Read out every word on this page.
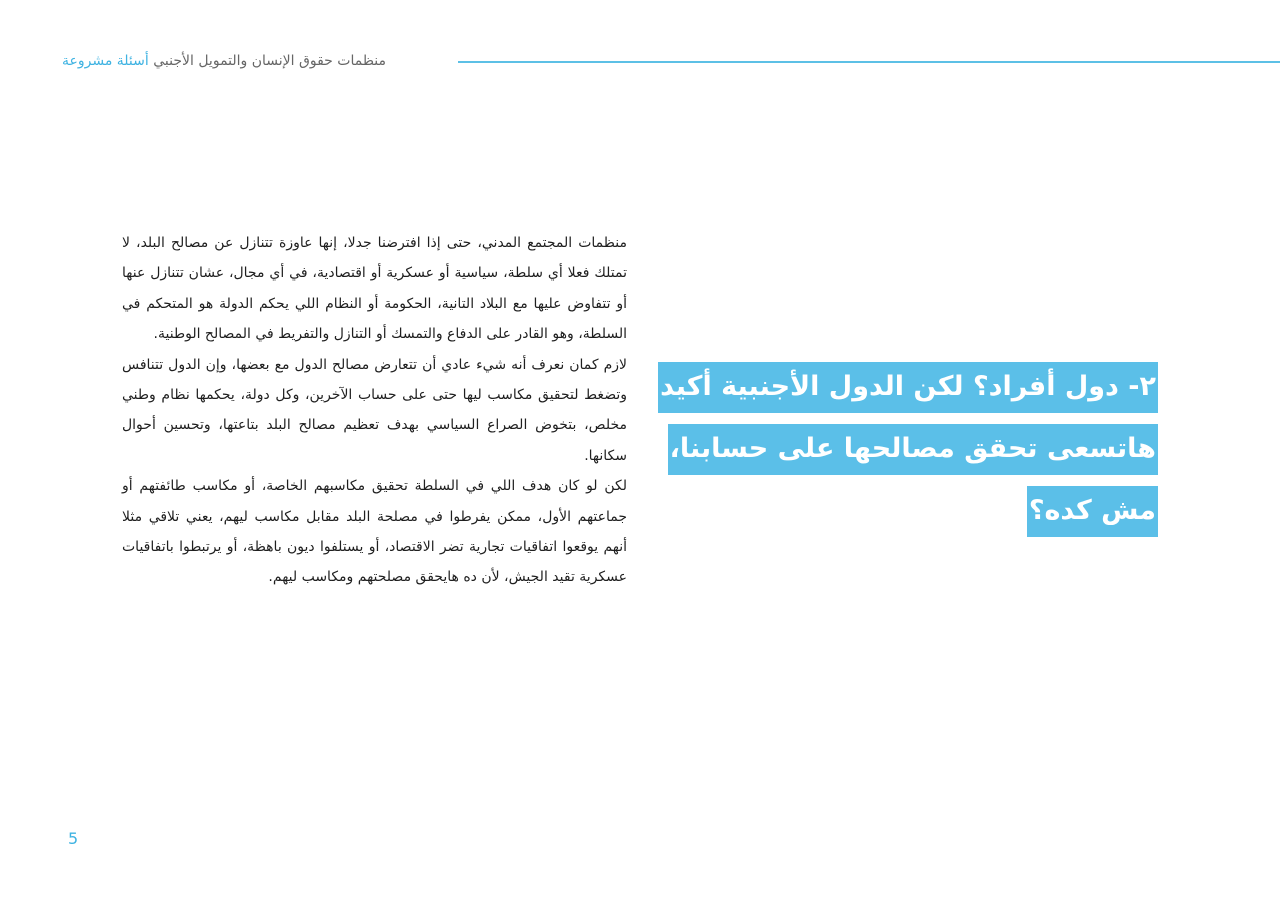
منظمات حقوق الإنسان والتمويل الأجنبي أسئلة مشروعة

منظمات المجتمع المدني، حتى إذا افترضنا جدلا، إنها عاوزة تتنازل عن مصالح البلد، لا تمتلك فعلا أي سلطة، سياسية أو عسكرية أو اقتصادية، في أي مجال، عشان تتنازل عنها أو تتفاوض عليها مع البلاد التانية، الحكومة أو النظام اللي يحكم الدولة هو المتحكم في السلطة، وهو القادر على الدفاع والتمسك أو التنازل والتفريط في المصالح الوطنية.

لازم كمان نعرف أنه شيء عادي أن تتعارض مصالح الدول مع بعضها، وإن الدول تتنافس وتضغط لتحقيق مكاسب ليها حتى على حساب الآخرين، وكل دولة، يحكمها نظام وطني مخلص، بتخوض الصراع السياسي بهدف تعظيم مصالح البلد بتاعتها، وتحسين أحوال سكانها.

لكن لو كان هدف اللي في السلطة تحقيق مكاسبهم الخاصة، أو مكاسب طائفتهم أو جماعتهم الأول، ممكن يفرطوا في مصلحة البلد مقابل مكاسب ليهم، يعني تلاقي مثلا أنهم يوقعوا اتفاقيات تجارية تضر الاقتصاد، أو يستلفوا ديون باهظة، أو يرتبطوا باتفاقيات عسكرية تقيد الجيش، لأن ده هايحقق مصلحتهم ومكاسب ليهم.

٢- دول أفراد؟ لكن الدول الأجنبية أكيد
هاتسعى تحقق مصالحها على حسابنا،
مش كده؟
5
